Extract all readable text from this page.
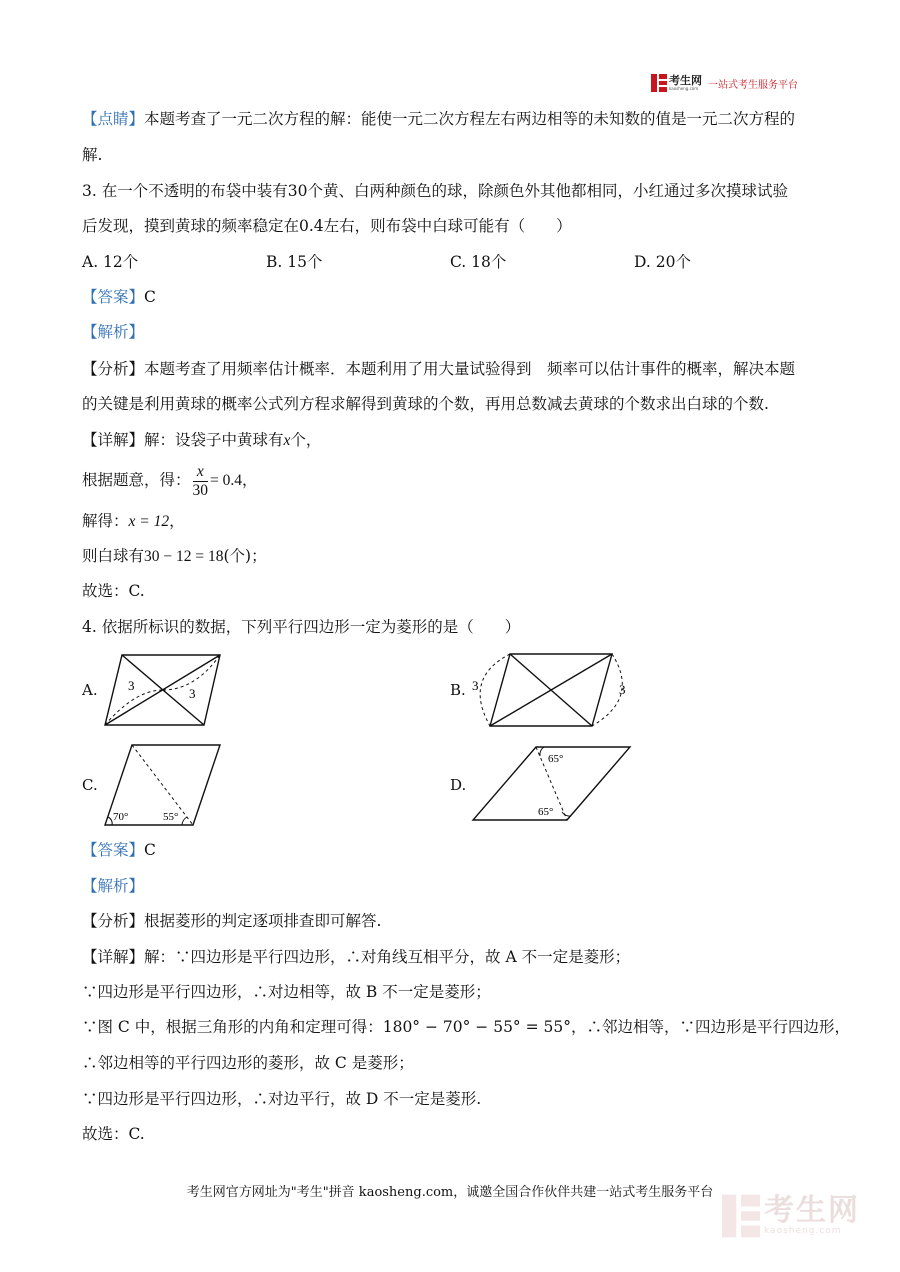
考生网
kaosheng.com 一站式考生服务平台
【点睛】本题考查了一元二次方程的解：能使一元二次方程左右两边相等的未知数的值是一元二次方程的
解.
3. 在一个不透明的布袋中装有30个黄、白两种颜色的球，除颜色外其他都相同，小红通过多次摸球试验
后发现，摸到黄球的频率稳定在0.4左右，则布袋中白球可能有（　　）
A. 12个	B. 15个	C. 18个	D. 20个
【答案】C
【解析】
【分析】本题考查了用频率估计概率．本题利用了用大量试验得到　频率可以估计事件的概率，解决本题
的关键是利用黄球的概率公式列方程求解得到黄球的个数，再用总数减去黄球的个数求出白球的个数.
【详解】解：设袋子中黄球有x个，
根据题意，得： $\frac{x}{30} = 0.4$，
解得：x = 12，
则白球有30 − 12 = 18(个)；
故选：C.
4. 依据所标识的数据，下列平行四边形一定为菱形的是（　　）
A. 3
3	B. 3	3
C.
70°	55°
D.
65°
65°
【答案】C
【解析】
【分析】根据菱形的判定逐项排查即可解答.
【详解】解：∵四边形是平行四边形，∴对角线互相平分，故 A 不一定是菱形；
∵四边形是平行四边形，∴对边相等，故 B 不一定是菱形；
∵图 C 中，根据三角形的内角和定理可得：180° − 70° − 55° = 55°，∴邻边相等，∵四边形是平行四边形，
∴邻边相等的平行四边形的菱形，故 C 是菱形；
∵四边形是平行四边形，∴对边平行，故 D 不一定是菱形.
故选：C.
考生网官方网址为"考生"拼音 kaosheng.com，诚邀全国合作伙伴共建一站式考生服务平台
考生网
kaosheng.com
